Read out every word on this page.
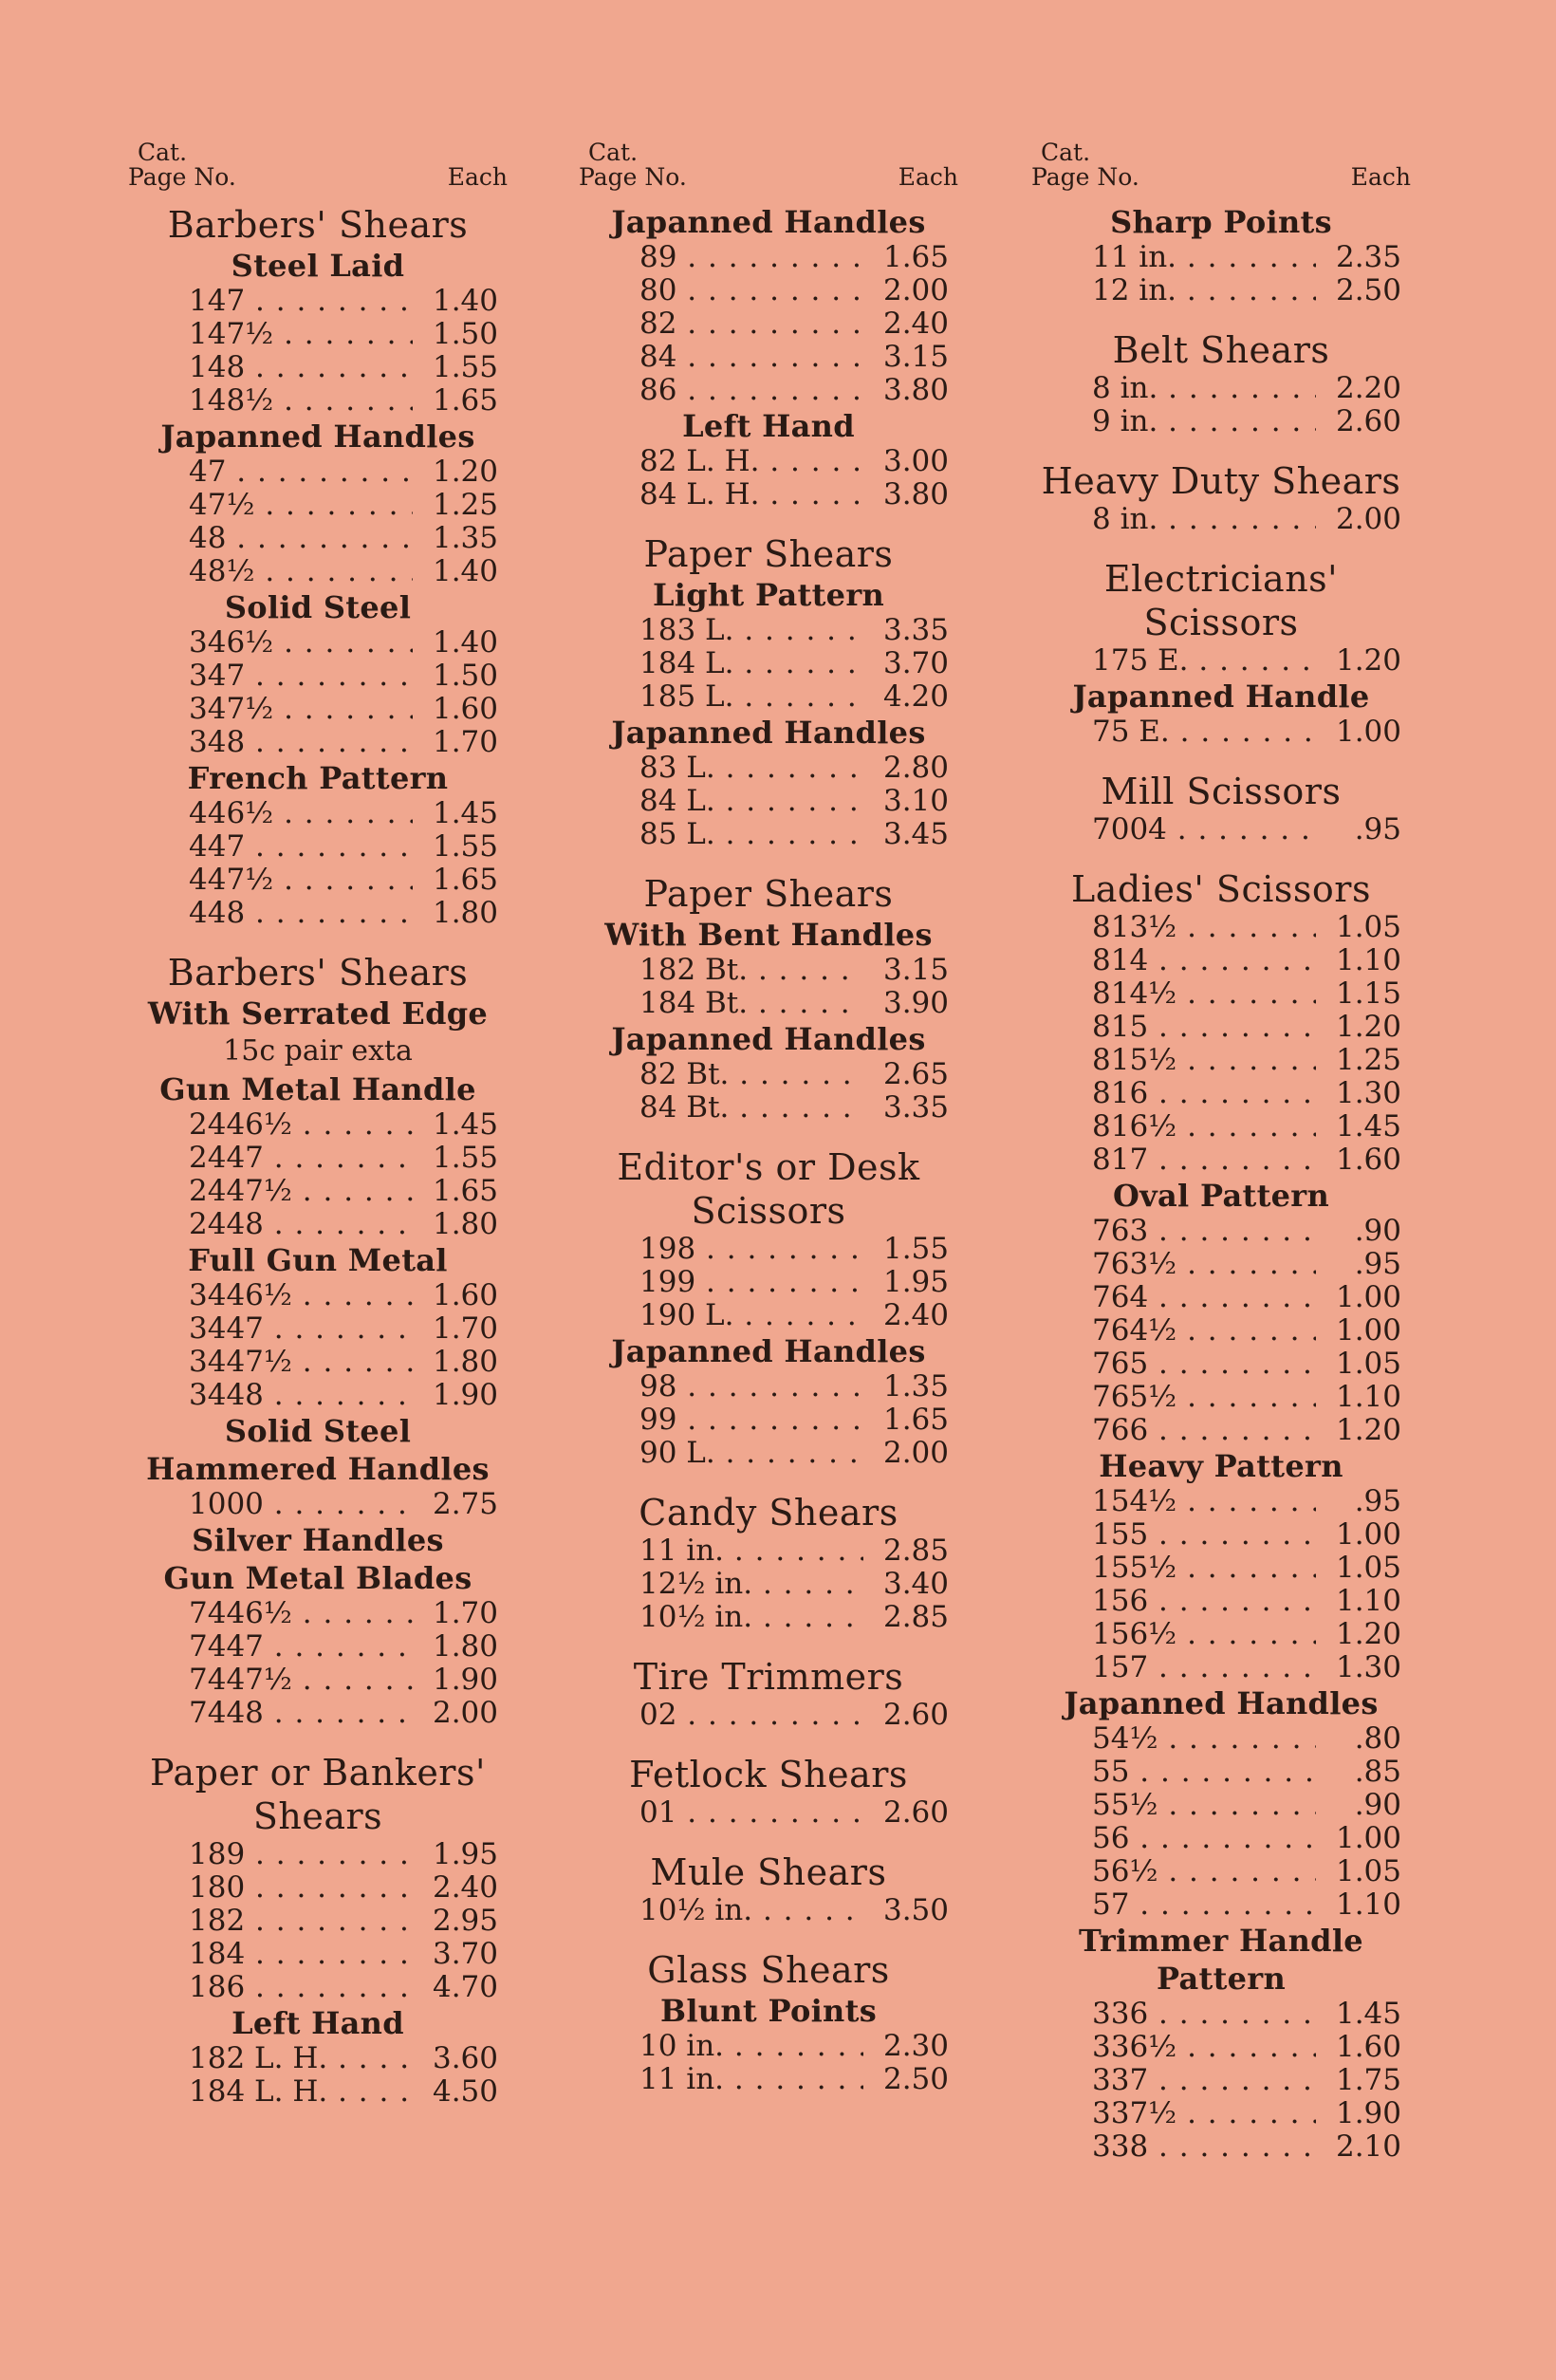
Cat.
Page No.	Each
Barbers' Shears
Steel Laid
147 . . .	1.40
147½ . . .	1.50
148 . . .	1.55
148½ . . .	1.65
Japanned Handles
47 . . .	1.20
47½ . . .	1.25
48 . . .	1.35
48½ . . .	1.40
Solid Steel
346½ . . .	1.40
347 . . .	1.50
347½ . . .	1.60
348 . . .	1.70
French Pattern
446½ . . .	1.45
447 . . .	1.55
447½ . . .	1.65
448 . . .	1.80
Barbers' Shears
With Serrated Edge
15c pair exta
Gun Metal Handle
2446½ . . .	1.45
2447 . . .	1.55
2447½ . . .	1.65
2448 . . .	1.80
Full Gun Metal
3446½ . . .	1.60
3447 . . .	1.70
3447½ . . .	1.80
3448 . . .	1.90
Solid Steel
Hammered Handles
1000 . . .	2.75
Silver Handles
Gun Metal Blades
7446½ . . .	1.70
7447 . . .	1.80
7447½ . . .	1.90
7448 . . .	2.00
Paper or Bankers'
Shears
189 . . .	1.95
180 . . .	2.40
182 . . .	2.95
184 . . .	3.70
186 . . .	4.70
Left Hand
182 L. H. . . .	3.60
184 L. H. . . .	4.50
Cat.
Page No.	Each
Japanned Handles
89 . . .	1.65
80 . . .	2.00
82 . . .	2.40
84 . . .	3.15
86 . . .	3.80
Left Hand
82 L. H. . . .	3.00
84 L. H. . . .	3.80
Paper Shears
Light Pattern
183 L. . . .	3.35
184 L. . . .	3.70
185 L. . . .	4.20
Japanned Handles
83 L. . . .	2.80
84 L. . . .	3.10
85 L. . . .	3.45
Paper Shears
With Bent Handles
182 Bt. . . .	3.15
184 Bt. . . .	3.90
Japanned Handles
82 Bt. . . .	2.65
84 Bt. . . .	3.35
Editor's or Desk
Scissors
198 . . .	1.55
199 . . .	1.95
190 L. . . .	2.40
Japanned Handles
98 . . .	1.35
99 . . .	1.65
90 L. . . .	2.00
Candy Shears
11 in. . . .	2.85
12½ in. . . .	3.40
10½ in. . . .	2.85
Tire Trimmers
02 . . .	2.60
Fetlock Shears
01 . . .	2.60
Mule Shears
10½ in. . . .	3.50
Glass Shears
Blunt Points
10 in. . . .	2.30
11 in. . . .	2.50
Cat.
Page No.	Each
Sharp Points
11 in. . . .	2.35
12 in. . . .	2.50
Belt Shears
8 in. . . .	2.20
9 in. . . .	2.60
Heavy Duty Shears
8 in. . . .	2.00
Electricians'
Scissors
175 E. . . .	1.20
Japanned Handle
75 E. . . .	1.00
Mill Scissors
7004 . . .	.95
Ladies' Scissors
813½ . . .	1.05
814 . . .	1.10
814½ . . .	1.15
815 . . .	1.20
815½ . . .	1.25
816 . . .	1.30
816½ . . .	1.45
817 . . .	1.60
Oval Pattern
763 . . .	.90
763½ . . .	.95
764 . . .	1.00
764½ . . .	1.00
765 . . .	1.05
765½ . . .	1.10
766 . . .	1.20
Heavy Pattern
154½ . . .	.95
155 . . .	1.00
155½ . . .	1.05
156 . . .	1.10
156½ . . .	1.20
157 . . .	1.30
Japanned Handles
54½ . . .	.80
55 . . .	.85
55½ . . .	.90
56 . . .	1.00
56½ . . .	1.05
57 . . .	1.10
Trimmer Handle
Pattern
336 . . .	1.45
336½ . . .	1.60
337 . . .	1.75
337½ . . .	1.90
338 . . .	2.10
